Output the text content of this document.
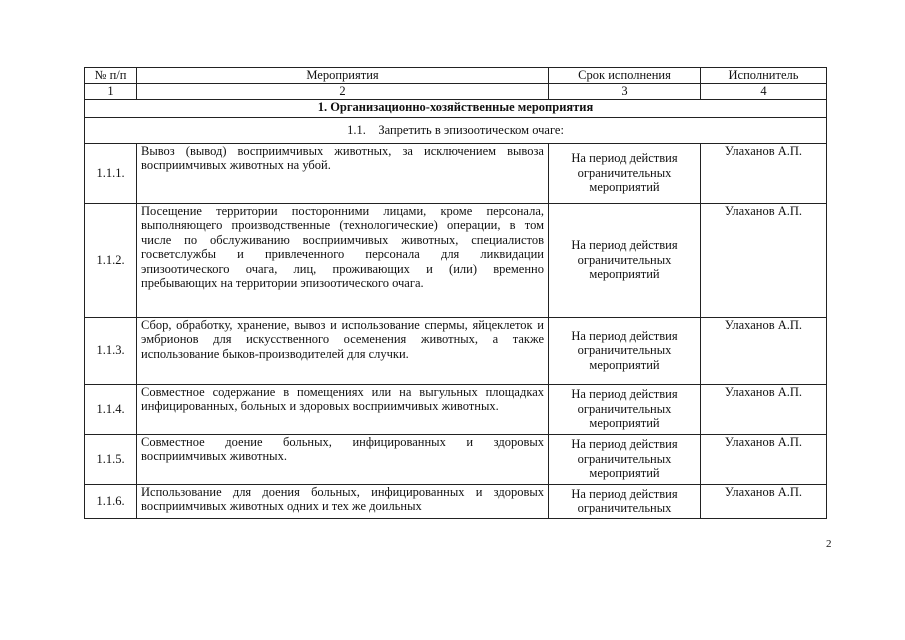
№ п/п	Мероприятия	Срок исполнения	Исполнитель
1	2	3	4
1. Организационно-хозяйственные мероприятия			
1.1.    Запретить в эпизоотическом очаге:			
1.1.1.	Вывоз (вывод) восприимчивых животных, за исключением вывоза восприимчивых животных на убой.	На период действия ограничительных мероприятий	Улаханов А.П.
1.1.2.	Посещение территории посторонними лицами, кроме персонала, выполняющего производственные (технологические) операции, в том числе по обслуживанию восприимчивых животных, специалистов госветслужбы и привлеченного персонала для ликвидации эпизоотического очага, лиц, проживающих и (или) временно пребывающих на территории эпизоотического очага.	На период действия ограничительных мероприятий	Улаханов А.П.
1.1.3.	Сбор, обработку, хранение, вывоз и использование спермы, яйцеклеток и эмбрионов для искусственного осеменения животных, а также использование быков-производителей для случки.	На период действия ограничительных мероприятий	Улаханов А.П.
1.1.4.	Совместное содержание в помещениях или на выгульных площадках инфицированных, больных и здоровых восприимчивых животных.	На период действия ограничительных мероприятий	Улаханов А.П.
1.1.5.	Совместное доение больных, инфицированных и здоровых восприимчивых животных.	На период действия ограничительных мероприятий	Улаханов А.П.
1.1.6.	Использование для доения больных, инфицированных и здоровых восприимчивых животных одних и тех же доильных	На период действия ограничительных	Улаханов А.П.
2
